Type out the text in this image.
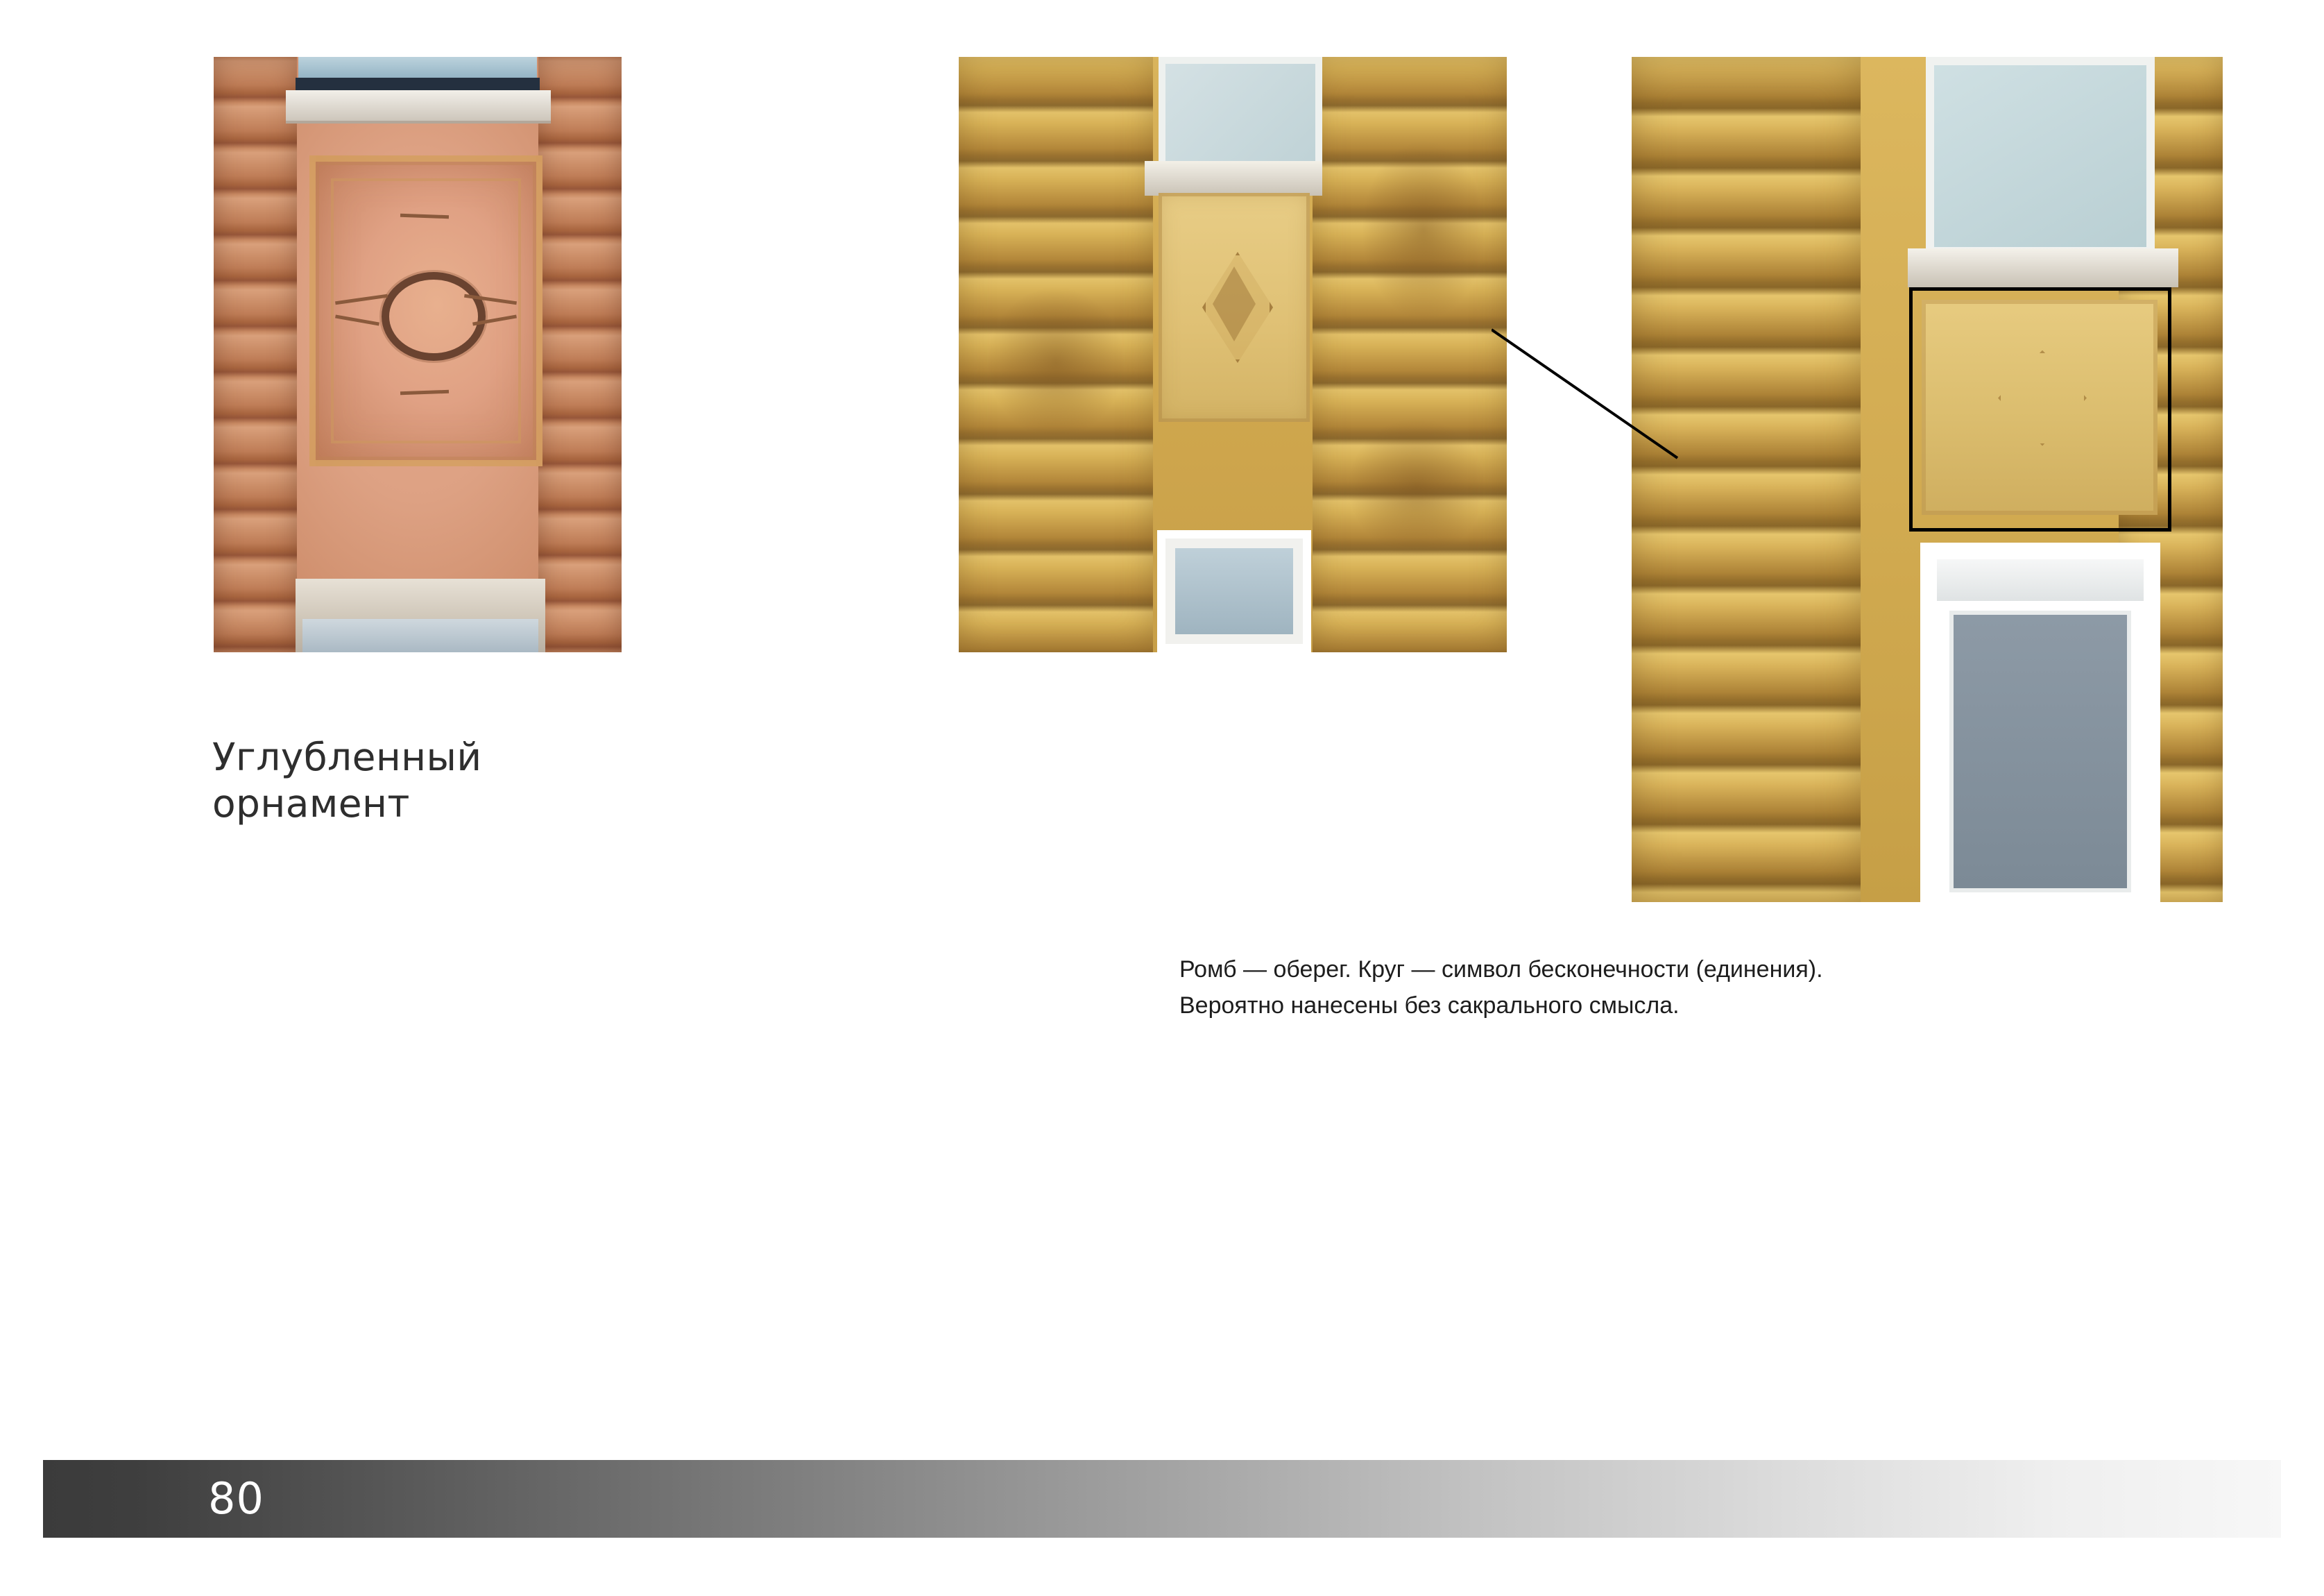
Углубленный
орнамент
Ромб — оберег. Круг — символ бесконечности (единения).
Вероятно нанесены без сакрального смысла.
80
